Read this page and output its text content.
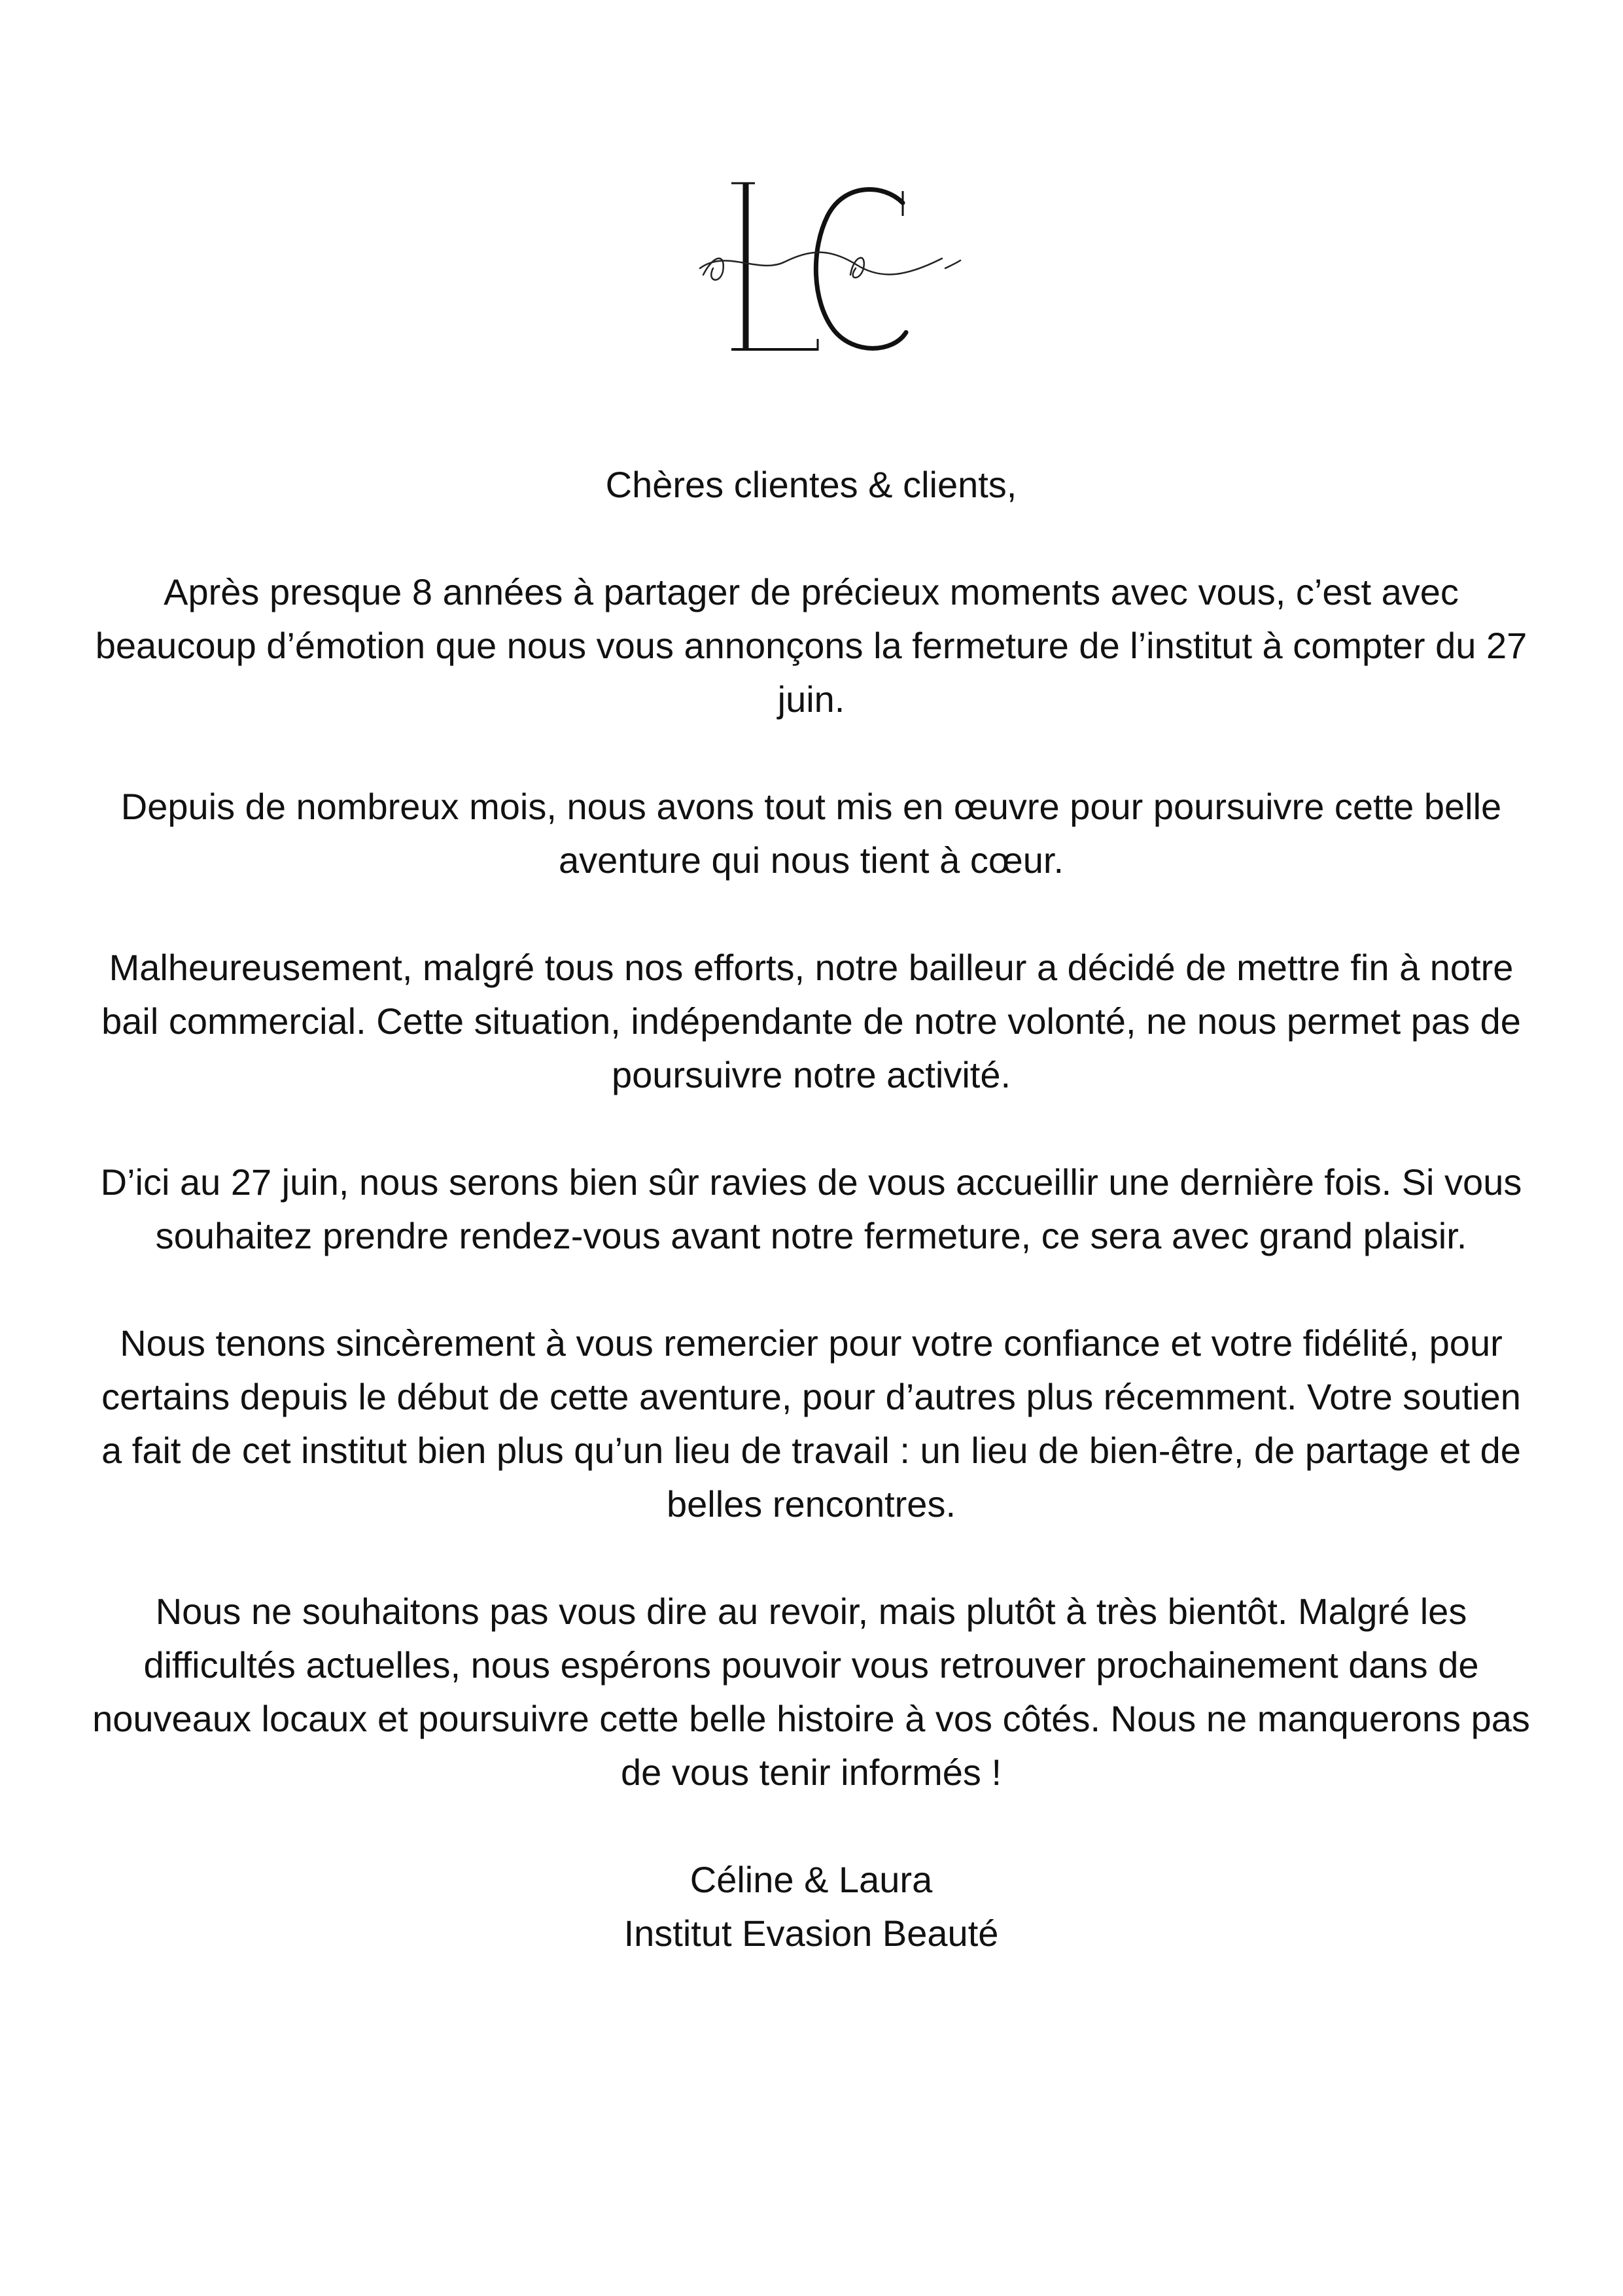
Chères clientes & clients,

Après presque 8 années à partager de précieux moments avec vous, c’est avec beaucoup d’émotion que nous vous annonçons la fermeture de l’institut à compter du 27 juin.

Depuis de nombreux mois, nous avons tout mis en œuvre pour poursuivre cette belle aventure qui nous tient à cœur.

Malheureusement, malgré tous nos efforts, notre bailleur a décidé de mettre fin à notre bail commercial. Cette situation, indépendante de notre volonté, ne nous permet pas de poursuivre notre activité.

D’ici au 27 juin, nous serons bien sûr ravies de vous accueillir une dernière fois. Si vous souhaitez prendre rendez-vous avant notre fermeture, ce sera avec grand plaisir.

Nous tenons sincèrement à vous remercier pour votre confiance et votre fidélité, pour certains depuis le début de cette aventure, pour d’autres plus récemment. Votre soutien a fait de cet institut bien plus qu’un lieu de travail : un lieu de bien-être, de partage et de belles rencontres.

Nous ne souhaitons pas vous dire au revoir, mais plutôt à très bientôt. Malgré les difficultés actuelles, nous espérons pouvoir vous retrouver prochainement dans de nouveaux locaux et poursuivre cette belle histoire à vos côtés. Nous ne manquerons pas de vous tenir informés !

Céline & Laura
Institut Evasion Beauté
